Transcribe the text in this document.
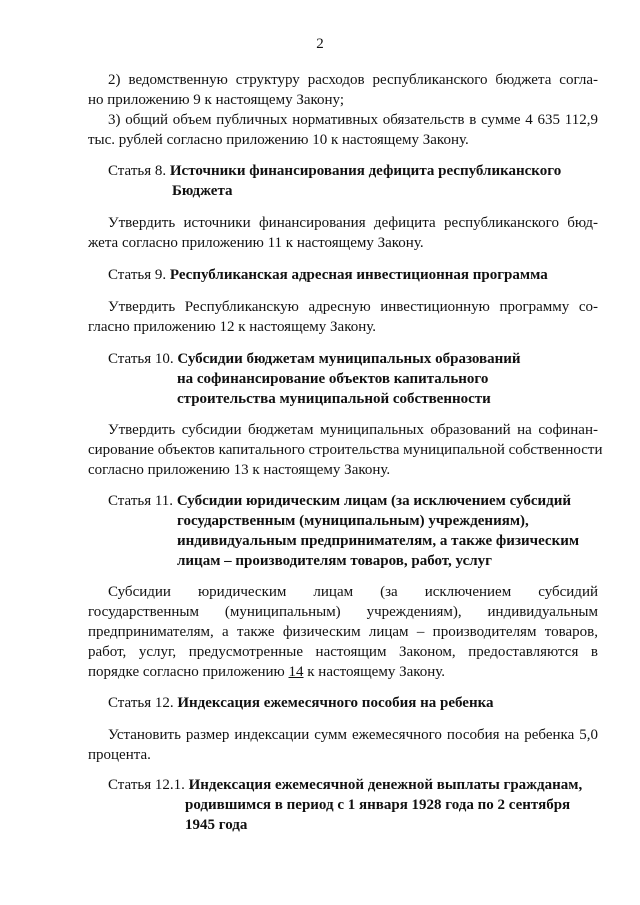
2
2) ведомственную структуру расходов республиканского бюджета согла-
но приложению 9 к настоящему Закону;
3) общий объем публичных нормативных обязательств в сумме 4 635 112,9
тыс. рублей согласно приложению 10 к настоящему Закону.
Статья 8. Источники финансирования дефицита республиканского
Бюджета
Утвердить источники финансирования дефицита республиканского бюд-
жета согласно приложению 11 к настоящему Закону.
Статья 9. Республиканская адресная инвестиционная программа
Утвердить Республиканскую адресную инвестиционную программу со-
гласно приложению 12 к настоящему Закону.
Статья 10. Субсидии бюджетам муниципальных образований
на софинансирование объектов капитального
строительства муниципальной собственности
Утвердить субсидии бюджетам муниципальных образований на софинан-
сирование объектов капитального строительства муниципальной собственности
согласно приложению 13 к настоящему Закону.
Статья 11. Субсидии юридическим лицам (за исключением субсидий
государственным (муниципальным) учреждениям),
индивидуальным предпринимателям, а также физическим
лицам – производителям товаров, работ, услуг
Субсидии юридическим лицам (за исключением субсидий
государственным (муниципальным) учреждениям), индивидуальным
предпринимателям, а также физическим лицам – производителям товаров,
работ, услуг, предусмотренные настоящим Законом, предоставляются в
порядке согласно приложению 14 к настоящему Закону.
Статья 12. Индексация ежемесячного пособия на ребенка
Установить размер индексации сумм ежемесячного пособия на ребенка 5,0
процента.
Статья 12.1. Индексация ежемесячной денежной выплаты гражданам,
родившимся в период с 1 января 1928 года по 2 сентября
1945 года
